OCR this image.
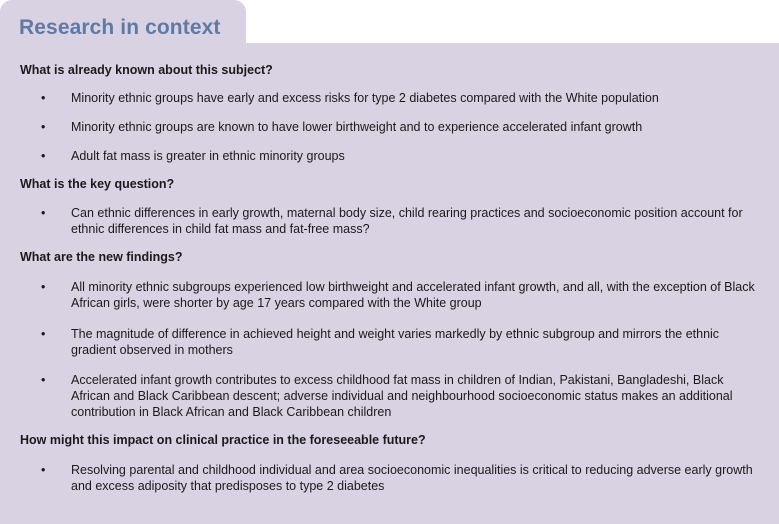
Research in context
What is already known about this subject?
• Minority ethnic groups have early and excess risks for type 2 diabetes compared with the White population
• Minority ethnic groups are known to have lower birthweight and to experience accelerated infant growth
• Adult fat mass is greater in ethnic minority groups
What is the key question?
• Can ethnic differences in early growth, maternal body size, child rearing practices and socioeconomic position account for ethnic differences in child fat mass and fat-free mass?
What are the new findings?
• All minority ethnic subgroups experienced low birthweight and accelerated infant growth, and all, with the exception of Black African girls, were shorter by age 17 years compared with the White group
• The magnitude of difference in achieved height and weight varies markedly by ethnic subgroup and mirrors the ethnic gradient observed in mothers
• Accelerated infant growth contributes to excess childhood fat mass in children of Indian, Pakistani, Bangladeshi, Black African and Black Caribbean descent; adverse individual and neighbourhood socioeconomic status makes an additional contribution in Black African and Black Caribbean children
How might this impact on clinical practice in the foreseeable future?
• Resolving parental and childhood individual and area socioeconomic inequalities is critical to reducing adverse early growth and excess adiposity that predisposes to type 2 diabetes
